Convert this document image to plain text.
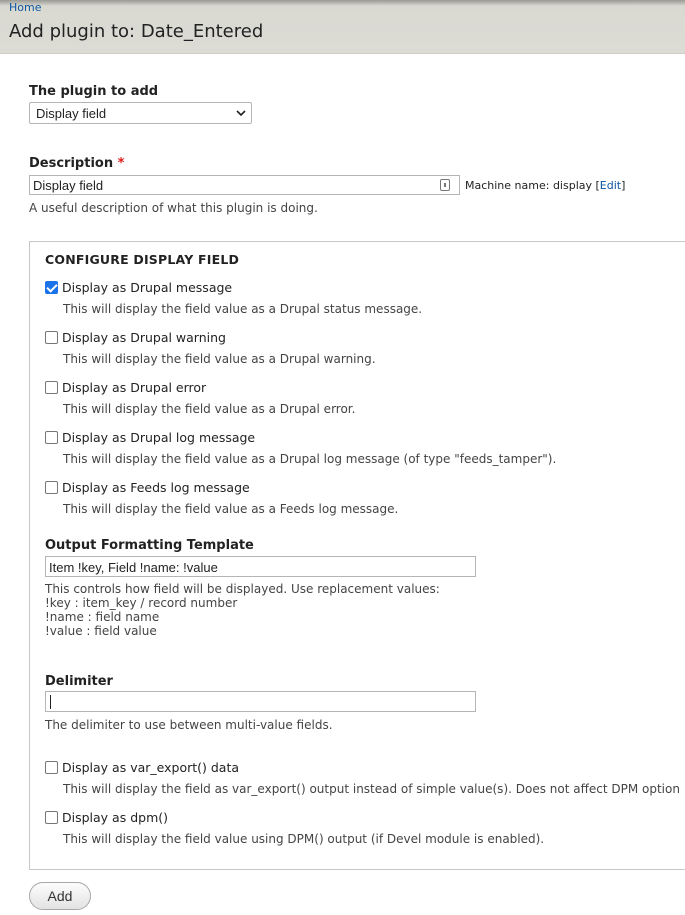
Home
Add plugin to: Date_Entered
The plugin to add
Display field
Description *
Display field	Machine name: display [Edit]
A useful description of what this plugin is doing.
CONFIGURE DISPLAY FIELD
Display as Drupal message
This will display the field value as a Drupal status message.
Display as Drupal warning
This will display the field value as a Drupal warning.
Display as Drupal error
This will display the field value as a Drupal error.
Display as Drupal log message
This will display the field value as a Drupal log message (of type "feeds_tamper").
Display as Feeds log message
This will display the field value as a Feeds log message.
Output Formatting Template
Item !key, Field !name: !value
This controls how field will be displayed. Use replacement values:
!key : item_key / record number
!name : field name
!value : field value
Delimiter
The delimiter to use between multi-value fields.
Display as var_export() data
This will display the field as var_export() output instead of simple value(s). Does not affect DPM option
Display as dpm()
This will display the field value using DPM() output (if Devel module is enabled).
Add
